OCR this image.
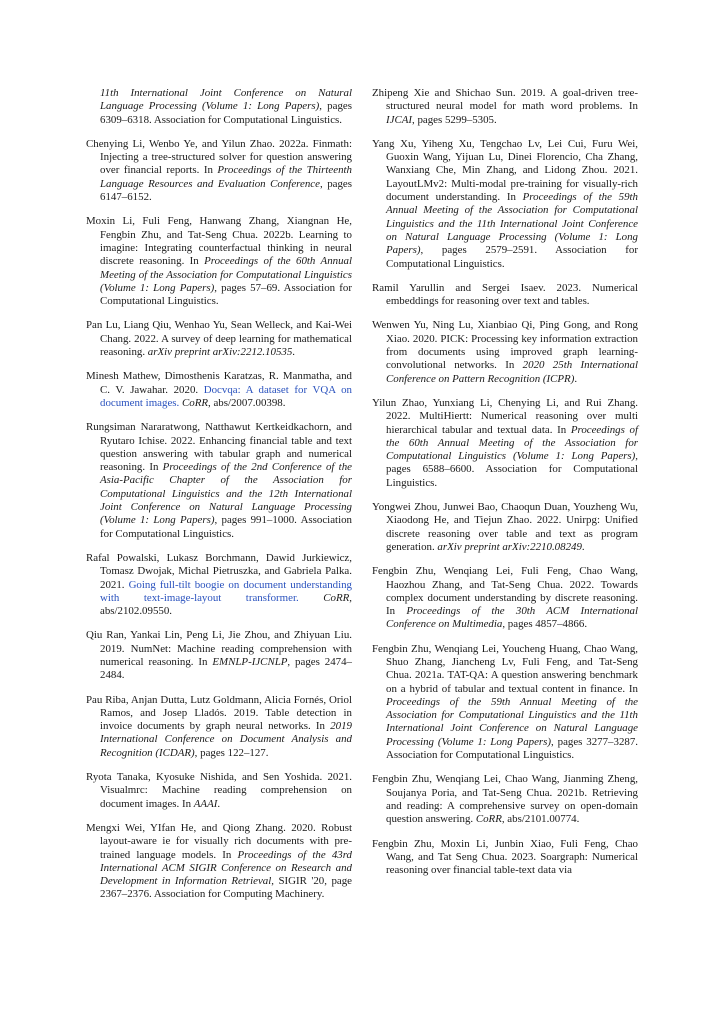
11th International Joint Conference on Natural Language Processing (Volume 1: Long Papers), pages 6309–6318. Association for Computational Linguistics.

Chenying Li, Wenbo Ye, and Yilun Zhao. 2022a. Finmath: Injecting a tree-structured solver for question answering over financial reports. In Proceedings of the Thirteenth Language Resources and Evaluation Conference, pages 6147–6152.

Moxin Li, Fuli Feng, Hanwang Zhang, Xiangnan He, Fengbin Zhu, and Tat-Seng Chua. 2022b. Learning to imagine: Integrating counterfactual thinking in neural discrete reasoning. In Proceedings of the 60th Annual Meeting of the Association for Computational Linguistics (Volume 1: Long Papers), pages 57–69. Association for Computational Linguistics.

Pan Lu, Liang Qiu, Wenhao Yu, Sean Welleck, and Kai-Wei Chang. 2022. A survey of deep learning for mathematical reasoning. arXiv preprint arXiv:2212.10535.

Minesh Mathew, Dimosthenis Karatzas, R. Manmatha, and C. V. Jawahar. 2020. Docvqa: A dataset for VQA on document images. CoRR, abs/2007.00398.

Rungsiman Nararatwong, Natthawut Kertkeidkachorn, and Ryutaro Ichise. 2022. Enhancing financial table and text question answering with tabular graph and numerical reasoning. In Proceedings of the 2nd Conference of the Asia-Pacific Chapter of the Association for Computational Linguistics and the 12th International Joint Conference on Natural Language Processing (Volume 1: Long Papers), pages 991–1000. Association for Computational Linguistics.

Rafal Powalski, Lukasz Borchmann, Dawid Jurkiewicz, Tomasz Dwojak, Michal Pietruszka, and Gabriela Palka. 2021. Going full-tilt boogie on document understanding with text-image-layout transformer. CoRR, abs/2102.09550.

Qiu Ran, Yankai Lin, Peng Li, Jie Zhou, and Zhiyuan Liu. 2019. NumNet: Machine reading comprehension with numerical reasoning. In EMNLP-IJCNLP, pages 2474–2484.

Pau Riba, Anjan Dutta, Lutz Goldmann, Alicia Fornés, Oriol Ramos, and Josep Lladós. 2019. Table detection in invoice documents by graph neural networks. In 2019 International Conference on Document Analysis and Recognition (ICDAR), pages 122–127.

Ryota Tanaka, Kyosuke Nishida, and Sen Yoshida. 2021. Visualmrc: Machine reading comprehension on document images. In AAAI.

Mengxi Wei, YIfan He, and Qiong Zhang. 2020. Robust layout-aware ie for visually rich documents with pre-trained language models. In Proceedings of the 43rd International ACM SIGIR Conference on Research and Development in Information Retrieval, SIGIR '20, page 2367–2376. Association for Computing Machinery.

Zhipeng Xie and Shichao Sun. 2019. A goal-driven tree-structured neural model for math word problems. In IJCAI, pages 5299–5305.

Yang Xu, Yiheng Xu, Tengchao Lv, Lei Cui, Furu Wei, Guoxin Wang, Yijuan Lu, Dinei Florencio, Cha Zhang, Wanxiang Che, Min Zhang, and Lidong Zhou. 2021. LayoutLMv2: Multi-modal pre-training for visually-rich document understanding. In Proceedings of the 59th Annual Meeting of the Association for Computational Linguistics and the 11th International Joint Conference on Natural Language Processing (Volume 1: Long Papers), pages 2579–2591. Association for Computational Linguistics.

Ramil Yarullin and Sergei Isaev. 2023. Numerical embeddings for reasoning over text and tables.

Wenwen Yu, Ning Lu, Xianbiao Qi, Ping Gong, and Rong Xiao. 2020. PICK: Processing key information extraction from documents using improved graph learning-convolutional networks. In 2020 25th International Conference on Pattern Recognition (ICPR).

Yilun Zhao, Yunxiang Li, Chenying Li, and Rui Zhang. 2022. MultiHiertt: Numerical reasoning over multi hierarchical tabular and textual data. In Proceedings of the 60th Annual Meeting of the Association for Computational Linguistics (Volume 1: Long Papers), pages 6588–6600. Association for Computational Linguistics.

Yongwei Zhou, Junwei Bao, Chaoqun Duan, Youzheng Wu, Xiaodong He, and Tiejun Zhao. 2022. Unirpg: Unified discrete reasoning over table and text as program generation. arXiv preprint arXiv:2210.08249.

Fengbin Zhu, Wenqiang Lei, Fuli Feng, Chao Wang, Haozhou Zhang, and Tat-Seng Chua. 2022. Towards complex document understanding by discrete reasoning. In Proceedings of the 30th ACM International Conference on Multimedia, pages 4857–4866.

Fengbin Zhu, Wenqiang Lei, Youcheng Huang, Chao Wang, Shuo Zhang, Jiancheng Lv, Fuli Feng, and Tat-Seng Chua. 2021a. TAT-QA: A question answering benchmark on a hybrid of tabular and textual content in finance. In Proceedings of the 59th Annual Meeting of the Association for Computational Linguistics and the 11th International Joint Conference on Natural Language Processing (Volume 1: Long Papers), pages 3277–3287. Association for Computational Linguistics.

Fengbin Zhu, Wenqiang Lei, Chao Wang, Jianming Zheng, Soujanya Poria, and Tat-Seng Chua. 2021b. Retrieving and reading: A comprehensive survey on open-domain question answering. CoRR, abs/2101.00774.

Fengbin Zhu, Moxin Li, Junbin Xiao, Fuli Feng, Chao Wang, and Tat Seng Chua. 2023. Soargraph: Numerical reasoning over financial table-text data via
